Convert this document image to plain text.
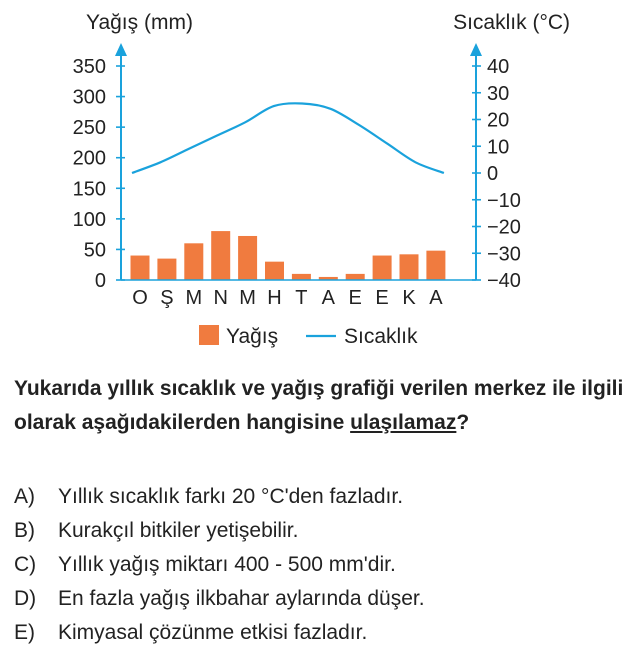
Yağış (mm)	Sıcaklık (°C)
0
50
100
150
200
250
300
350	40
30
20
10
0
−10
−20
−30
−40
O Ş M N M H T A E E K A
Yağış	Sıcaklık
Yukarıda yıllık sıcaklık ve yağış grafiği verilen merkez ile ilgili olarak aşağıdakilerden hangisine ulaşılamaz?
A) Yıllık sıcaklık farkı 20 °C'den fazladır.
B) Kurakçıl bitkiler yetişebilir.
C) Yıllık yağış miktarı 400 - 500 mm'dir.
D) En fazla yağış ilkbahar aylarında düşer.
E) Kimyasal çözünme etkisi fazladır.
